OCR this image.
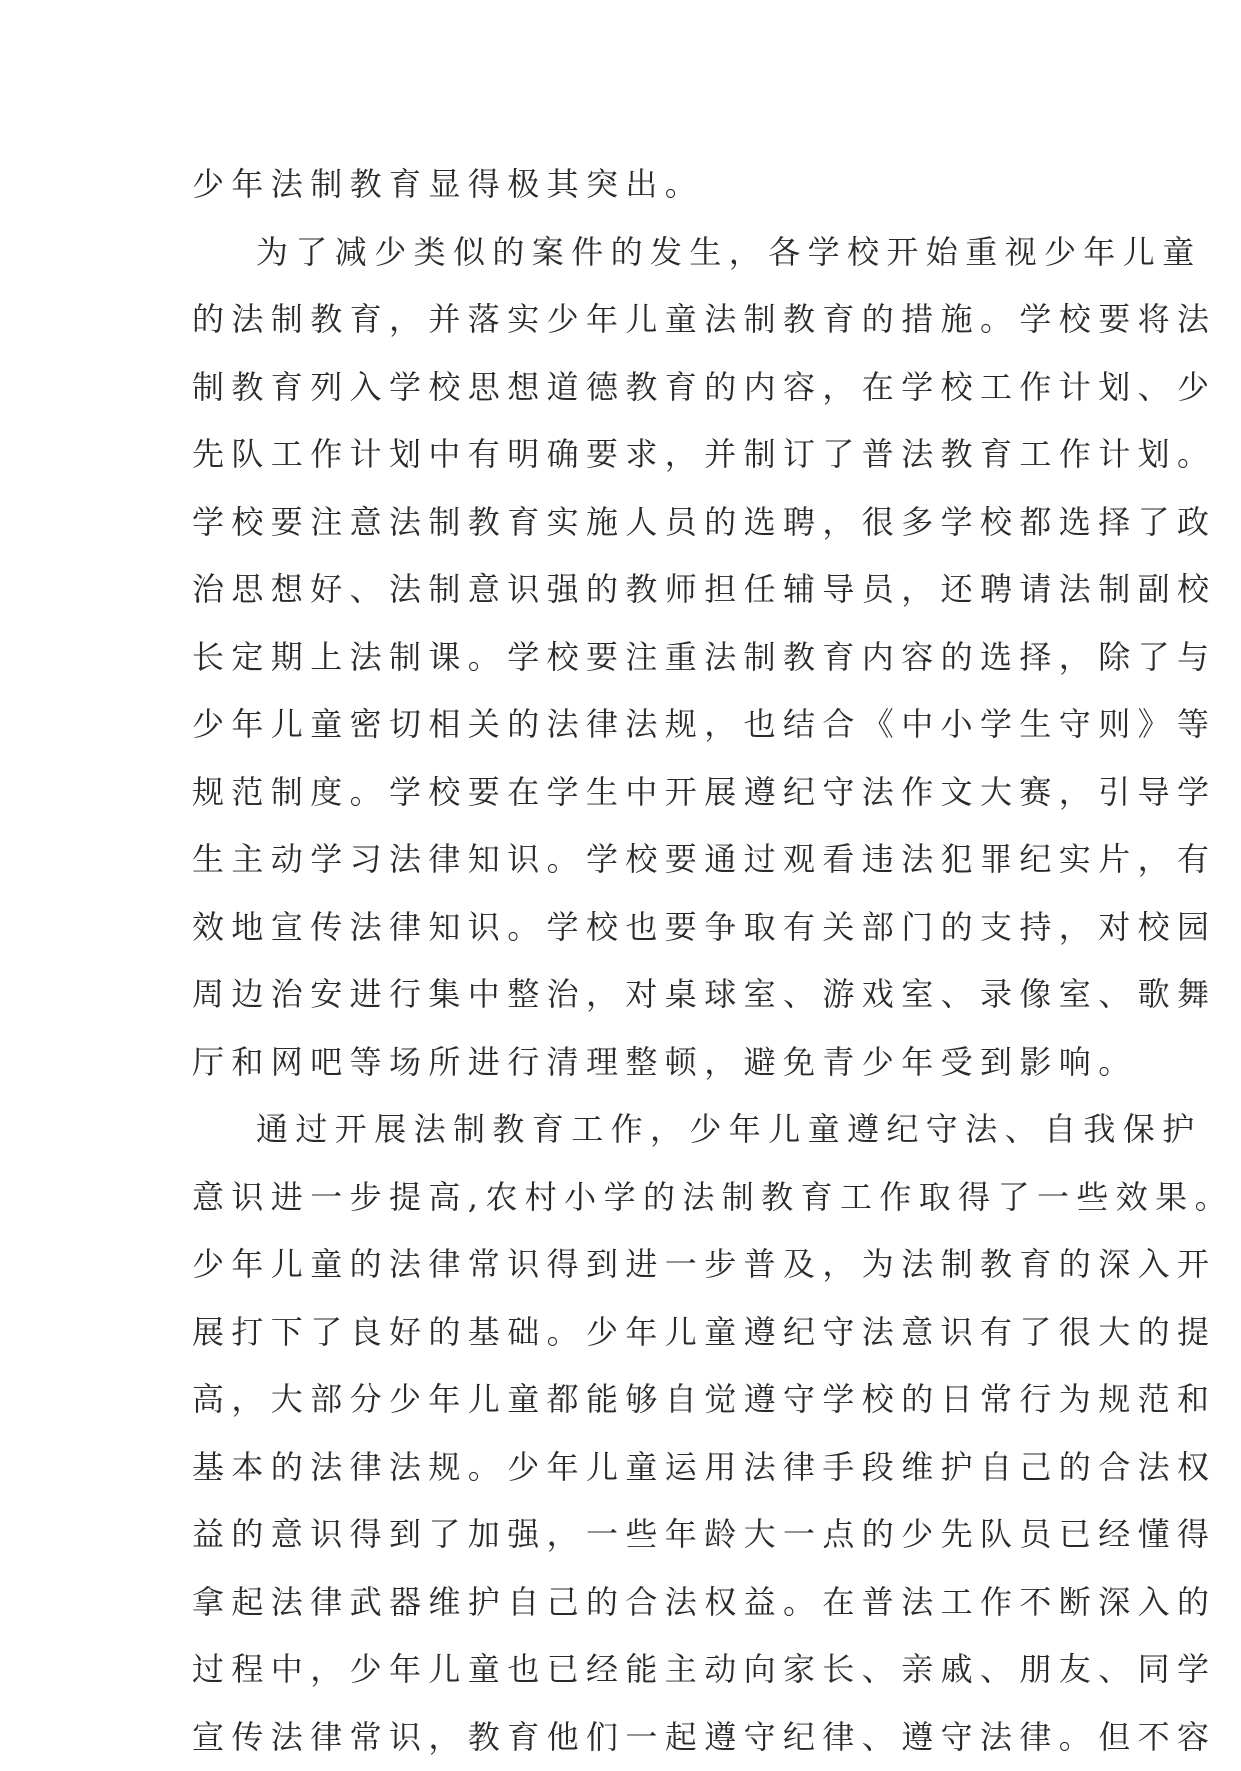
少年法制教育显得极其突出。
为了减少类似的案件的发生，各学校开始重视少年儿童
的法制教育，并落实少年儿童法制教育的措施。学校要将法
制教育列入学校思想道德教育的内容，在学校工作计划、少
先队工作计划中有明确要求，并制订了普法教育工作计划。
学校要注意法制教育实施人员的选聘，很多学校都选择了政
治思想好、法制意识强的教师担任辅导员，还聘请法制副校
长定期上法制课。学校要注重法制教育内容的选择，除了与
少年儿童密切相关的法律法规，也结合《中小学生守则》等
规范制度。学校要在学生中开展遵纪守法作文大赛，引导学
生主动学习法律知识。学校要通过观看违法犯罪纪实片，有
效地宣传法律知识。学校也要争取有关部门的支持，对校园
周边治安进行集中整治，对桌球室、游戏室、录像室、歌舞
厅和网吧等场所进行清理整顿，避免青少年受到影响。
通过开展法制教育工作，少年儿童遵纪守法、自我保护
意识进一步提高,农村小学的法制教育工作取得了一些效果。
少年儿童的法律常识得到进一步普及，为法制教育的深入开
展打下了良好的基础。少年儿童遵纪守法意识有了很大的提
高，大部分少年儿童都能够自觉遵守学校的日常行为规范和
基本的法律法规。少年儿童运用法律手段维护自己的合法权
益的意识得到了加强，一些年龄大一点的少先队员已经懂得
拿起法律武器维护自己的合法权益。在普法工作不断深入的
过程中，少年儿童也已经能主动向家长、亲戚、朋友、同学
宣传法律常识，教育他们一起遵守纪律、遵守法律。但不容
